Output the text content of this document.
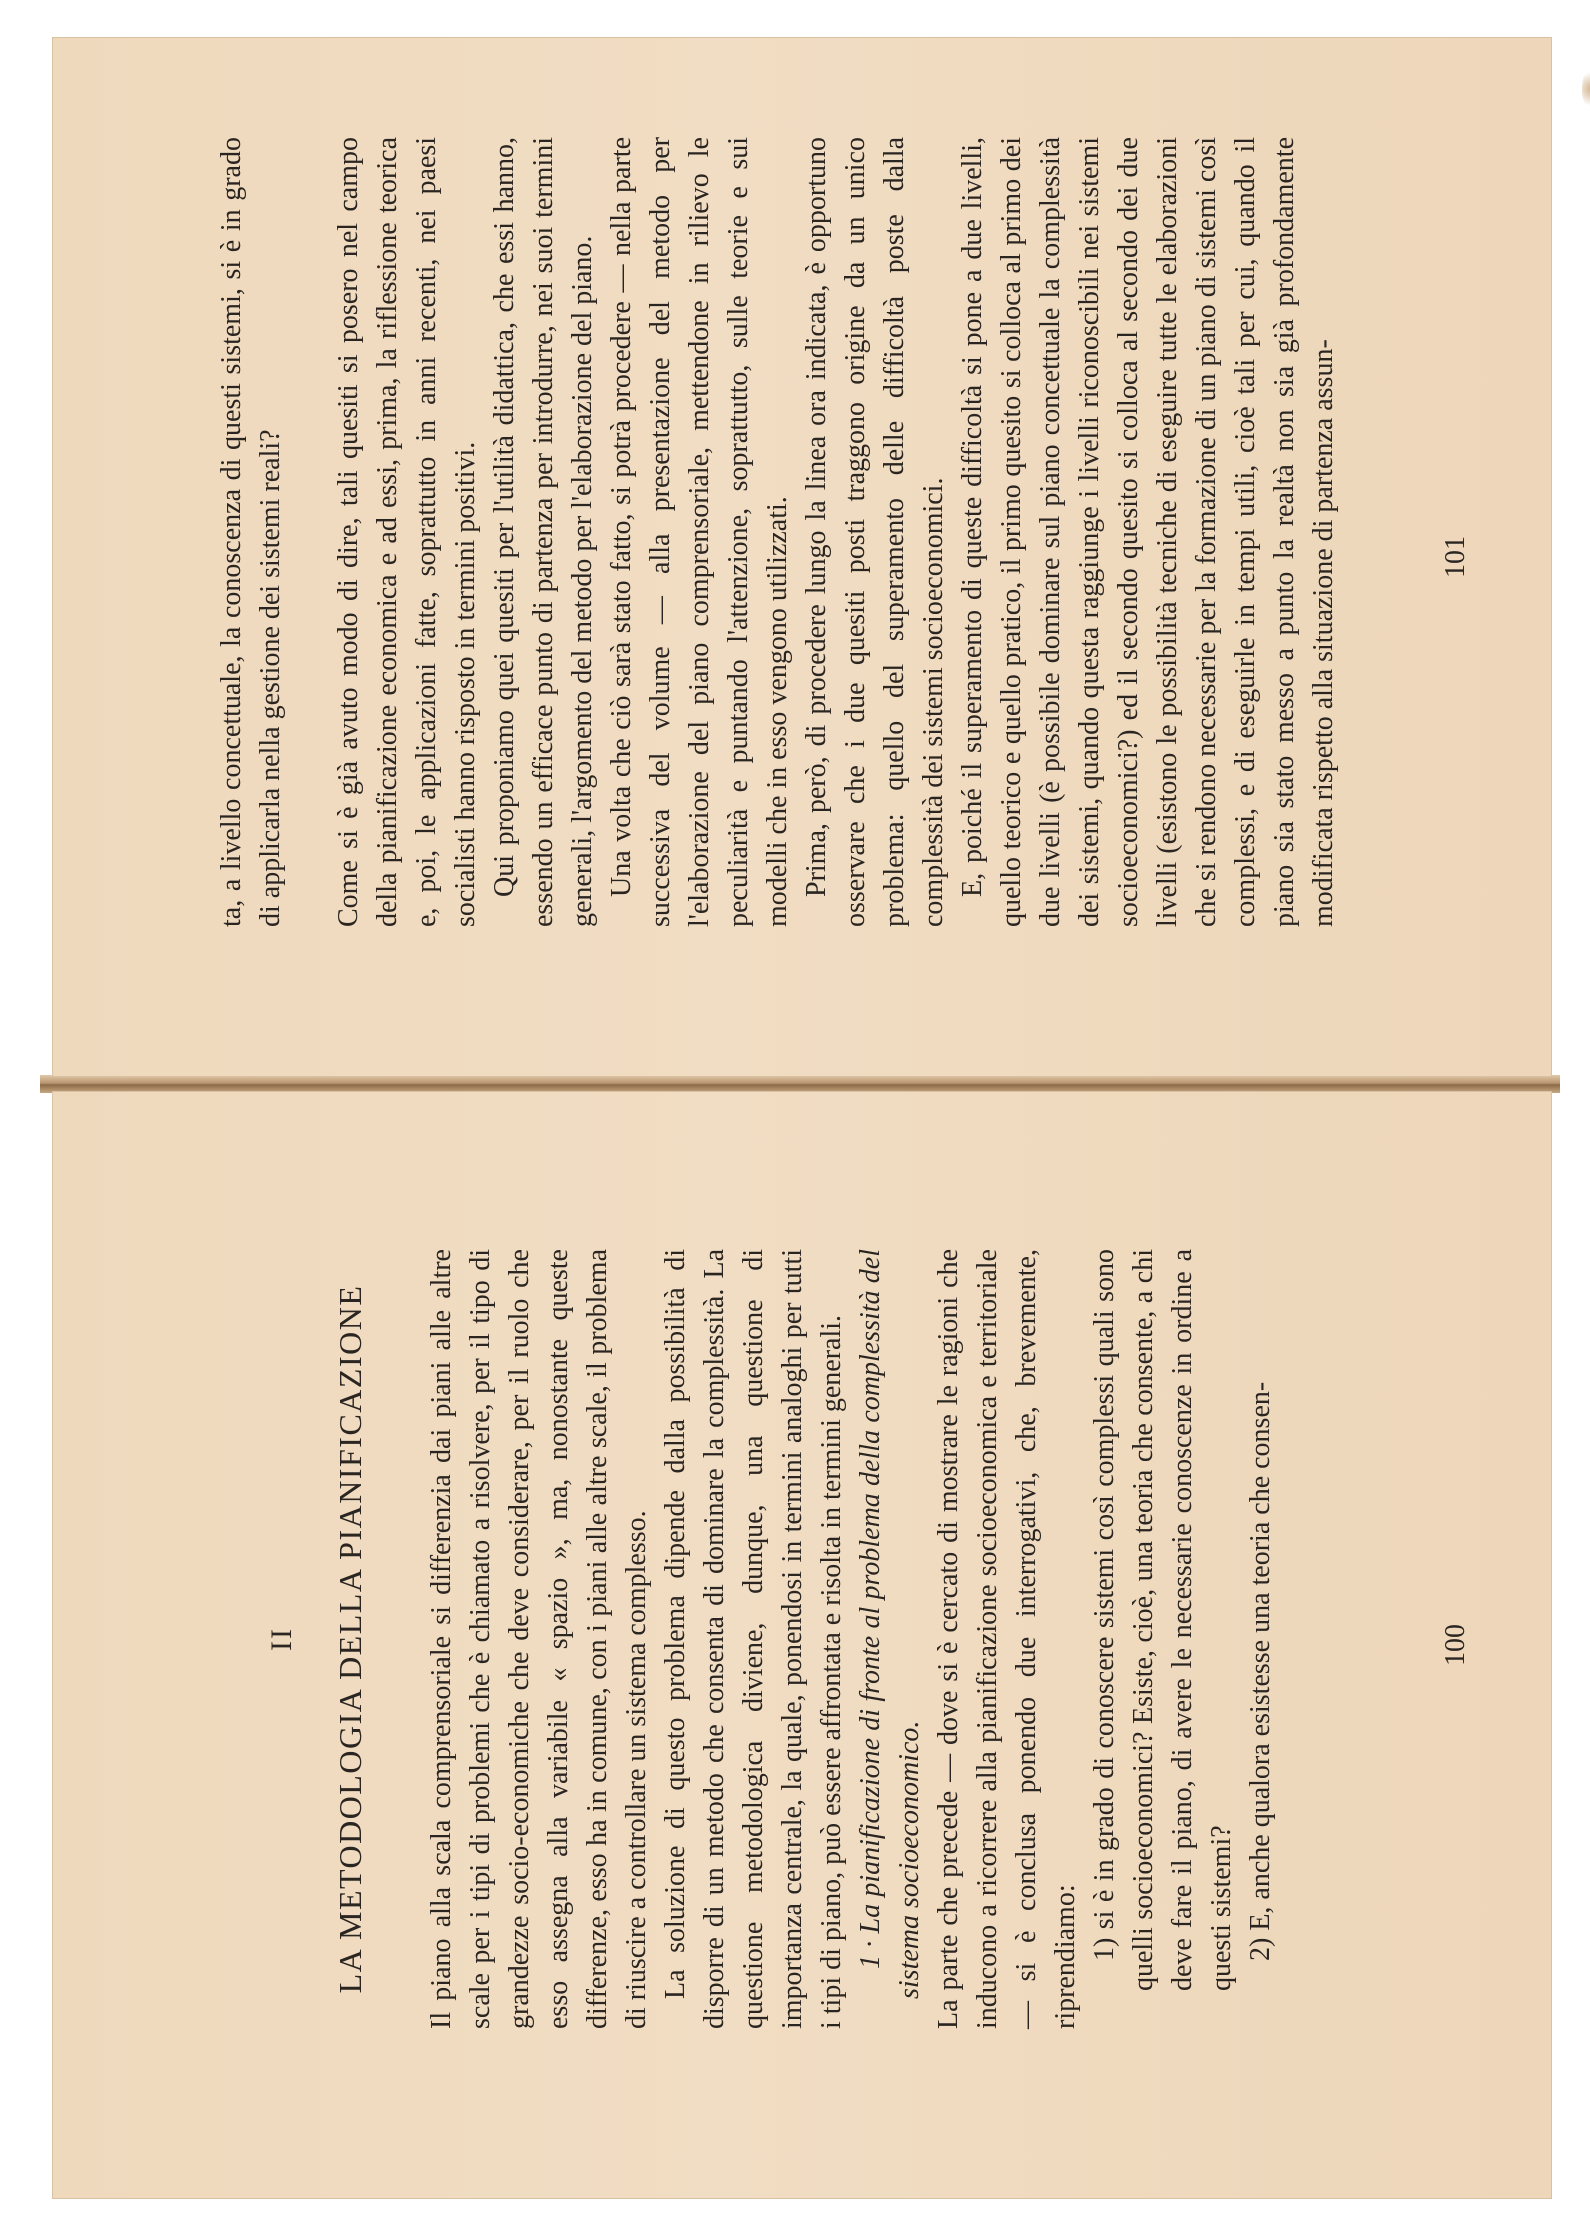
II LA METODOLOGIA DELLA PIANIFICAZIONE Il piano alla scala comprensoriale si differenzia dai piani alle altre scale per i tipi di problemi che è chiamato a risolvere, per il tipo di grandezze socio-economiche che deve considerare, per il ruolo che esso assegna alla variabile « spazio », ma, nonostante queste differenze, esso ha in comune, con i piani alle altre scale, il problema di riuscire a controllare un sistema complesso. La soluzione di questo problema dipende dalla possibilità di disporre di un metodo che consenta di dominare la complessità. La questione metodologica diviene, dunque, una questione di importanza centrale, la quale, ponendosi in termini analoghi per tutti i tipi di piano, può essere affrontata e risolta in termini generali. 1 · La pianificazione di fronte al problema della complessità del sistema socioeconomico. La parte che precede — dove si è cercato di mostrare le ragioni che inducono a ricorrere alla pianificazione socioeconomica e territoriale — si è conclusa ponendo due interrogativi, che, brevemente, riprendiamo: 1) si è in grado di conoscere sistemi così complessi quali sono quelli socioeconomici? Esiste, cioè, una teoria che consente, a chi deve fare il piano, di avere le necessarie conoscenze in ordine a questi sistemi? 2) E, anche qualora esistesse una teoria che consen-	100

ta, a livello concettuale, la conoscenza di questi sistemi, si è in grado di applicarla nella gestione dei sistemi reali? Come si è già avuto modo di dire, tali quesiti si posero nel campo della pianificazione economica e ad essi, prima, la riflessione teorica e, poi, le applicazioni fatte, soprattutto in anni recenti, nei paesi socialisti hanno risposto in termini positivi. Qui proponiamo quei quesiti per l'utilità didattica, che essi hanno, essendo un efficace punto di partenza per introdurre, nei suoi termini generali, l'argomento del metodo per l'elaborazione del piano. Una volta che ciò sarà stato fatto, si potrà procedere — nella parte successiva del volume — alla presentazione del metodo per l'elaborazione del piano comprensoriale, mettendone in rilievo le peculiarità e puntando l'attenzione, soprattutto, sulle teorie e sui modelli che in esso vengono utilizzati. Prima, però, di procedere lungo la linea ora indicata, è opportuno osservare che i due quesiti posti traggono origine da un unico problema: quello del superamento delle difficoltà poste dalla complessità dei sistemi socioeconomici. E, poiché il superamento di queste difficoltà si pone a due livelli, quello teorico e quello pratico, il primo quesito si colloca al primo dei due livelli (è possibile dominare sul piano concettuale la complessità dei sistemi, quando questa raggiunge i livelli riconoscibili nei sistemi socioeconomici?) ed il secondo quesito si colloca al secondo dei due livelli (esistono le possibilità tecniche di eseguire tutte le elaborazioni che si rendono necessarie per la formazione di un piano di sistemi così complessi, e di eseguirle in tempi utili, cioè tali per cui, quando il piano sia stato messo a punto la realtà non sia già profondamente modificata rispetto alla situazione di partenza assun-	101
